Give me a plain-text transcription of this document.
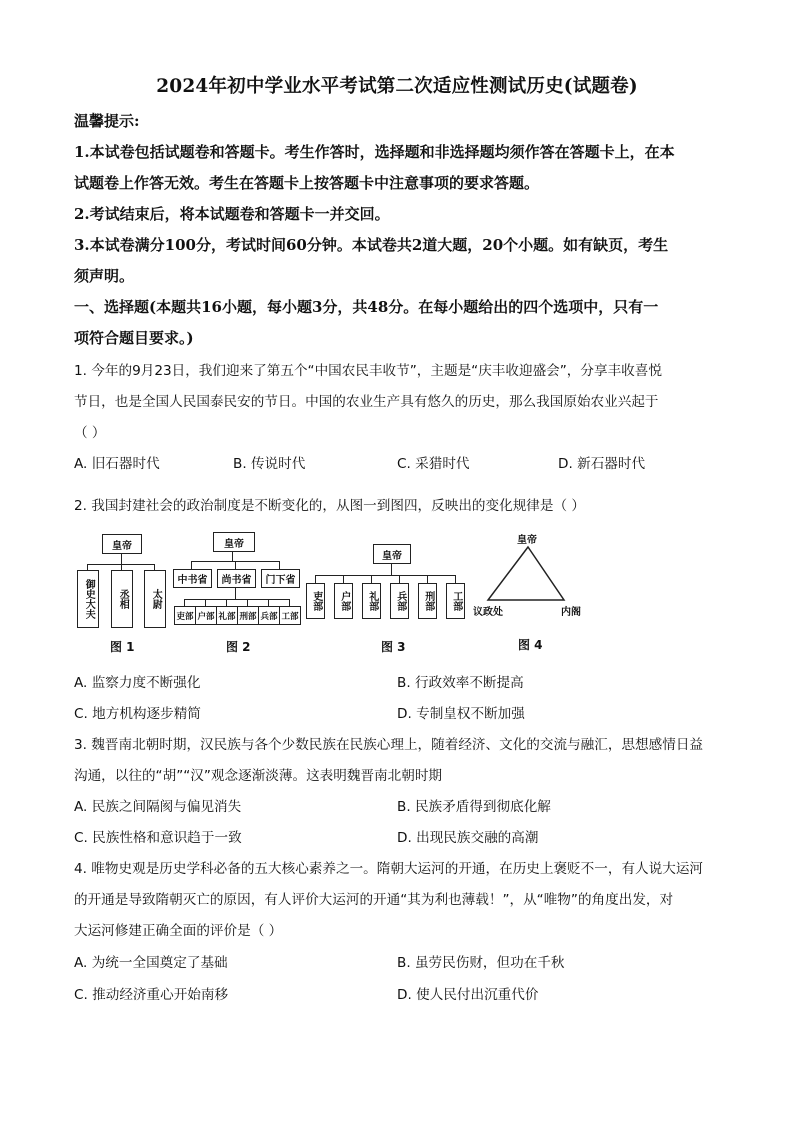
2024年初中学业水平考试第二次适应性测试历史(试题卷)
温馨提示:
1.本试卷包括试题卷和答题卡。考生作答时，选择题和非选择题均须作答在答题卡上，在本
试题卷上作答无效。考生在答题卡上按答题卡中注意事项的要求答题。
2.考试结束后，将本试题卷和答题卡一并交回。
3.本试卷满分100分，考试时间60分钟。本试卷共2道大题，20个小题。如有缺页，考生
须声明。
一、选择题(本题共16小题，每小题3分，共48分。在每小题给出的四个选项中，只有一
项符合题目要求。)
1. 今年的9月23日，我们迎来了第五个“中国农民丰收节”，主题是“庆丰收迎盛会”，分享丰收喜悦
节日，也是全国人民国泰民安的节日。中国的农业生产具有悠久的历史，那么我国原始农业兴起于
（ ）
A. 旧石器时代	B. 传说时代	C. 采猎时代	D. 新石器时代
2. 我国封建社会的政治制度是不断变化的，从图一到图四，反映出的变化规律是（ ）
皇帝
御史大夫	丞相	太尉
图 1
皇帝
中书省	尚书省	门下省
吏部 户部 礼部 刑部 兵部 工部
图 2
皇帝
吏部	户部	礼部	兵部	刑部	工部
图 3
皇帝
议政处	内阁
图 4
A. 监察力度不断强化	B. 行政效率不断提高
C. 地方机构逐步精简	D. 专制皇权不断加强
3. 魏晋南北朝时期，汉民族与各个少数民族在民族心理上，随着经济、文化的交流与融汇，思想感情日益
沟通，以往的“胡”“汉”观念逐渐淡薄。这表明魏晋南北朝时期
A. 民族之间隔阂与偏见消失	B. 民族矛盾得到彻底化解
C. 民族性格和意识趋于一致	D. 出现民族交融的高潮
4. 唯物史观是历史学科必备的五大核心素养之一。隋朝大运河的开通，在历史上褒贬不一，有人说大运河
的开通是导致隋朝灭亡的原因，有人评价大运河的开通“其为利也薄载！”，从“唯物”的角度出发，对
大运河修建正确全面的评价是（ ）
A. 为统一全国奠定了基础	B. 虽劳民伤财，但功在千秋
C. 推动经济重心开始南移	D. 使人民付出沉重代价
